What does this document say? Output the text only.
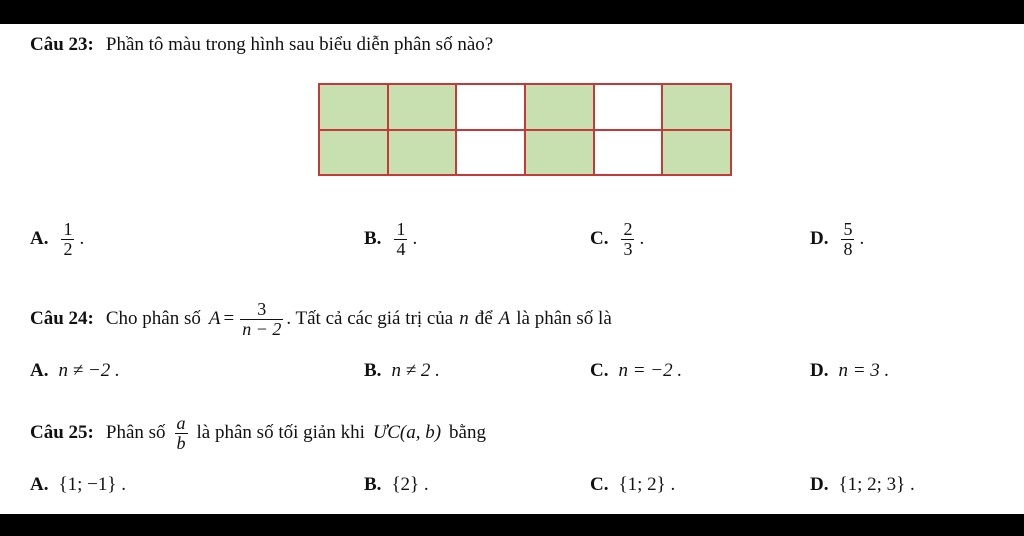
Câu 23: Phần tô màu trong hình sau biểu diễn phân số nào?
A. $\frac{1}{2}$ .	B. $\frac{1}{4}$ .	C. $\frac{2}{3}$ .	D. $\frac{5}{8}$ .
Câu 24: Cho phân số $A = \frac{3}{n - 2}$ . Tất cả các giá trị của n để A là phân số là
A. n ≠ −2 .	B. n ≠ 2 .	C. n = −2 .	D. n = 3 .
Câu 25: Phân số $\frac{a}{b}$ là phân số tối giản khi ƯC(a, b) bằng
A. {1; −1} .	B. {2} .	C. {1; 2} .	D. {1; 2; 3} .
